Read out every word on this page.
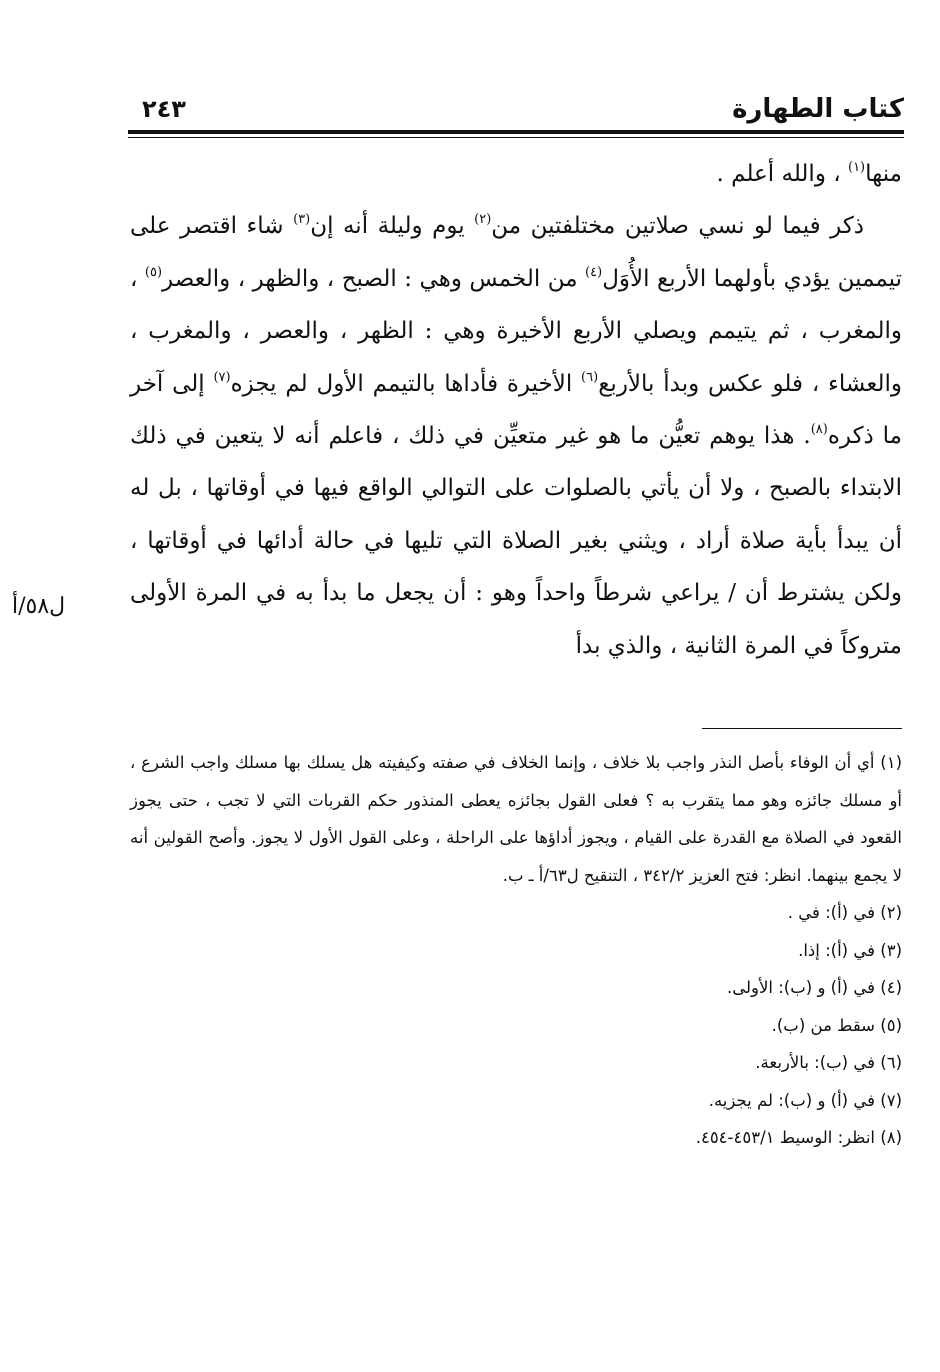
كتاب الطهارة
٢٤٣

منها$^{(١)}$ ، والله أعلم .

ذكر فيما لو نسي صلاتين مختلفتين من$^{(٢)}$ يوم وليلة أنه إن$^{(٣)}$ شاء اقتصر على تيممين يؤدي بأولهما الأربع الأُوَل$^{(٤)}$ من الخمس وهي : الصبح ، والظهر ، والعصر$^{(٥)}$ ، والمغرب ، ثم يتيمم ويصلي الأربع الأخيرة وهي : الظهر ، والعصر ، والمغرب ، والعشاء ، فلو عكس وبدأ بالأربع$^{(٦)}$ الأخيرة فأداها بالتيمم الأول لم يجزه$^{(٧)}$ إلى آخر ما ذكره$^{(٨)}$. هذا يوهم تعيُّن ما هو غير متعيِّن في ذلك ، فاعلم أنه لا يتعين في ذلك الابتداء بالصبح ، ولا أن يأتي بالصلوات على التوالي الواقع فيها في أوقاتها ، بل له أن يبدأ بأية صلاة أراد ، ويثني بغير الصلاة التي تليها في حالة أدائها في أوقاتها ، ولكن يشترط أن / يراعي شرطاً واحداً وهو : أن يجعل ما بدأ به في المرة الأولى متروكاً في المرة الثانية ، والذي بدأ

ل٥٨/أ
(١) أي أن الوفاء بأصل النذر واجب بلا خلاف ، وإنما الخلاف في صفته وكيفيته هل يسلك بها مسلك واجب الشرع ، أو مسلك جائزه وهو مما يتقرب به ؟ فعلى القول بجائزه يعطى المنذور حكم القربات التي لا تجب ، حتى يجوز القعود في الصلاة مع القدرة على القيام ، ويجوز أداؤها على الراحلة ، وعلى القول الأول لا يجوز. وأصح القولين أنه لا يجمع بينهما. انظر: فتح العزيز ٣٤٢/٢ ، التنقيح ل٦٣/أ ـ ب.
(٢) في (أ): في .
(٣) في (أ): إذا.
(٤) في (أ) و (ب): الأولى.
(٥) سقط من (ب).
(٦) في (ب): بالأربعة.
(٧) في (أ) و (ب): لم يجزيه.
(٨) انظر: الوسيط ٤٥٣/١-٤٥٤.
